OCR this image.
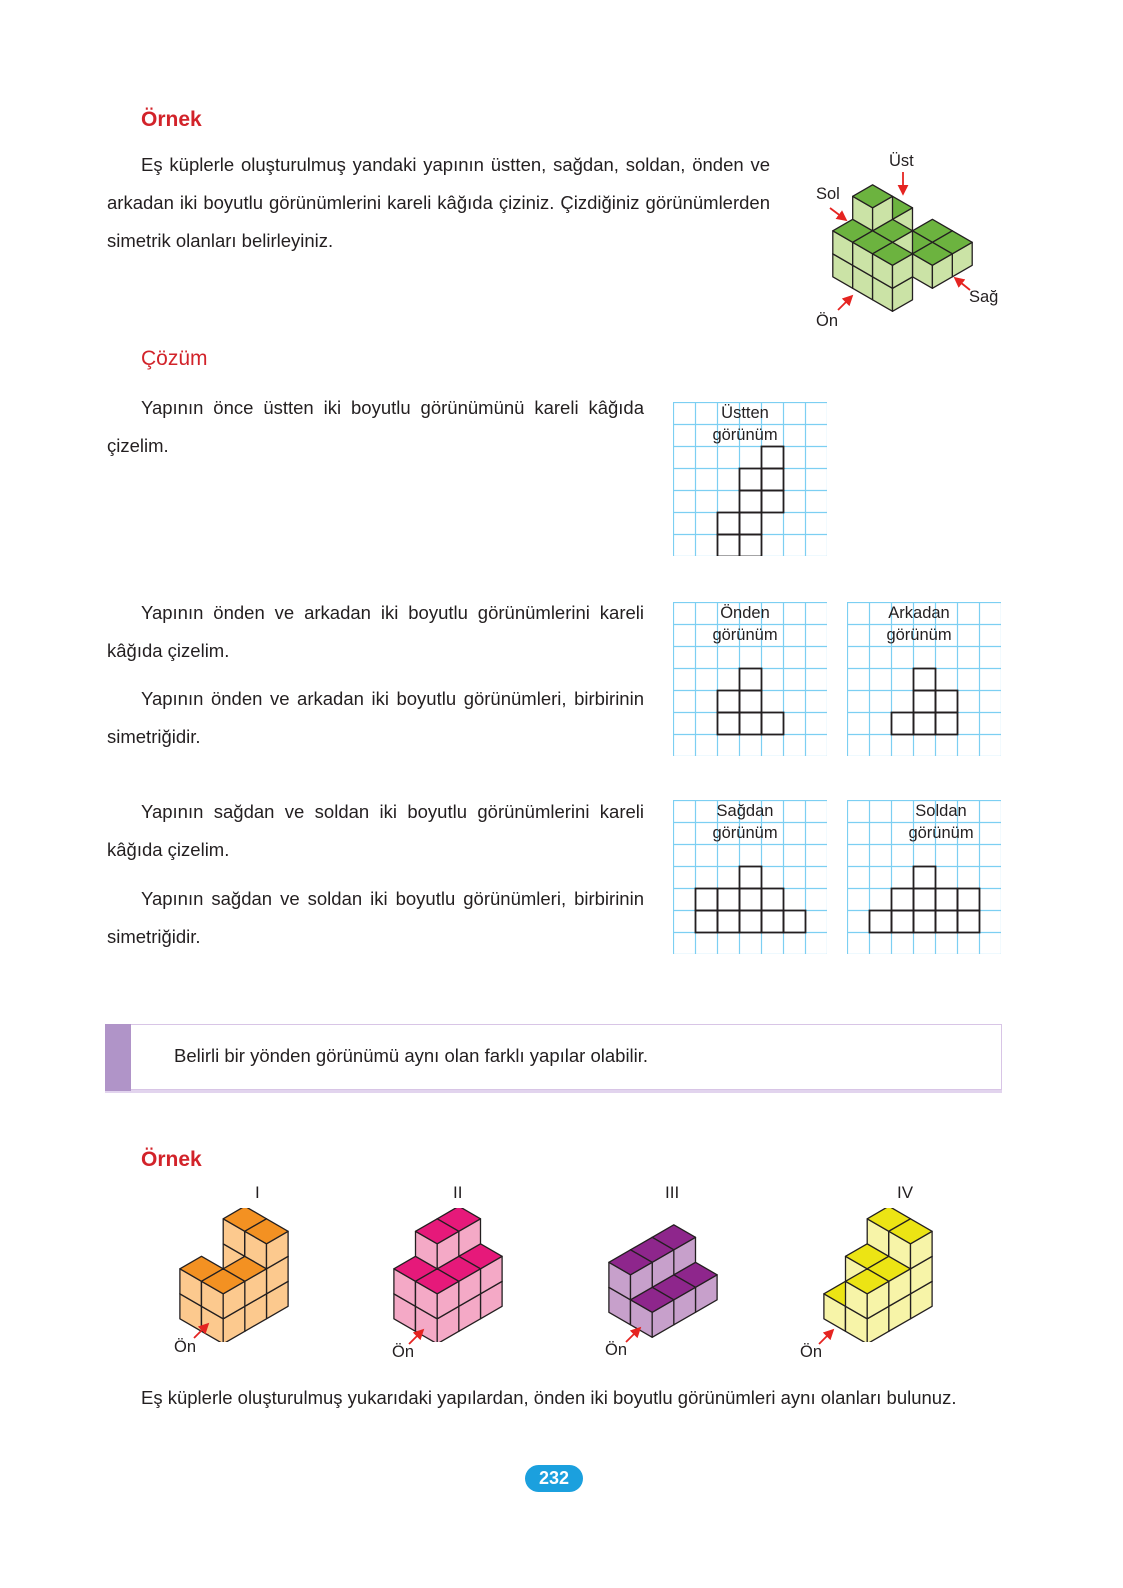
Örnek

Eş küplerle oluşturulmuş yandaki yapının üstten, sağdan, soldan, önden ve arkadan iki boyutlu görünümlerini kareli kâğıda çiziniz. Çizdiğiniz görünümlerden simetrik olanları belirleyiniz.

Üst
Sol
Sağ
Ön
Çözüm

Yapının önce üstten iki boyutlu görünümünü kareli kâğıda çizelim.

Yapının önden ve arkadan iki boyutlu görünümlerini kareli kâğıda çizelim.

Yapının önden ve arkadan iki boyutlu görünümleri, birbirinin simetriğidir.

Yapının sağdan ve soldan iki boyutlu görünümlerini kareli kâğıda çizelim.

Yapının sağdan ve soldan iki boyutlu görünümleri, birbirinin simetriğidir.

Üstten
görünüm
Önden
görünüm
Arkadan
görünüm
Sağdan
görünüm
Soldan
görünüm
Belirli bir yönden görünümü aynı olan farklı yapılar olabilir.
Örnek
I	II	III	IV
Ön	Ön	Ön	Ön
Eş küplerle oluşturulmuş yukarıdaki yapılardan, önden iki boyutlu görünümleri aynı olanları bulunuz.
232
